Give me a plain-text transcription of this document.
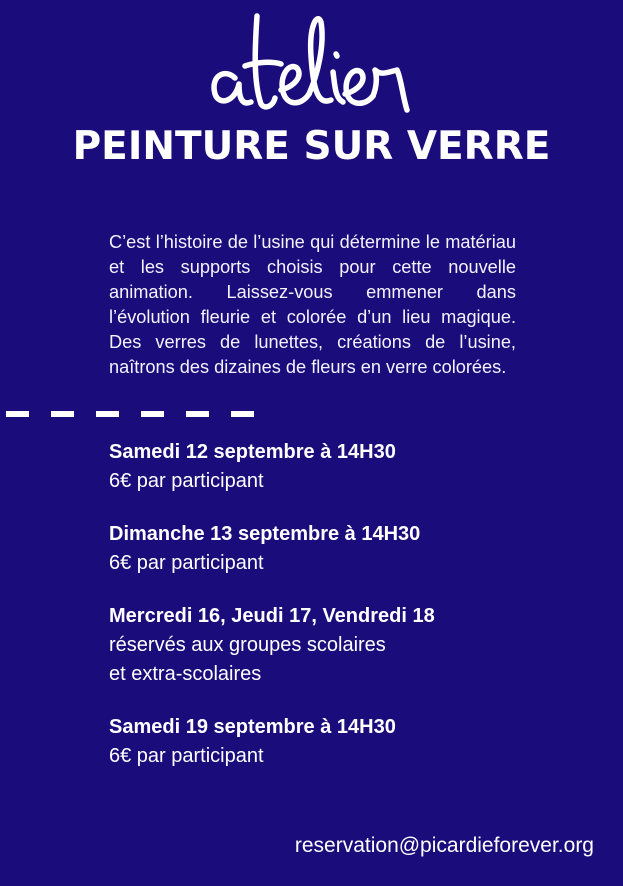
PEINTURE SUR VERRE

C’est l’histoire de l’usine qui détermine le matériau et les supports choisis pour cette nouvelle animation. Laissez-vous emmener dans l’évolution fleurie et colorée d’un lieu magique. Des verres de lunettes, créations de l’usine, naîtrons des dizaines de fleurs en verre colorées.

Samedi 12 septembre à 14H30
6€ par participant
Dimanche 13 septembre à 14H30
6€ par participant
Mercredi 16, Jeudi 17, Vendredi 18
réservés aux groupes scolaires
et extra-scolaires
Samedi 19 septembre à 14H30
6€ par participant

reservation@picardieforever.org
